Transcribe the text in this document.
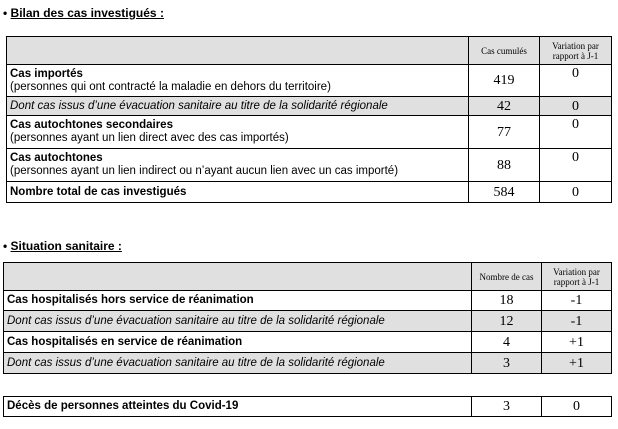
• Bilan des cas investigués :
	Cas cumulés	Variation par rapport à J-1

Cas importés
(personnes qui ont contracté la maladie en dehors du territoire)	419	0
Dont cas issus d’une évacuation sanitaire au titre de la solidarité régionale	42	0

Cas autochtones secondaires
(personnes ayant un lien direct avec des cas importés)	77	0

Cas autochtones
(personnes ayant un lien indirect ou n’ayant aucun lien avec un cas importé)	88	0
Nombre total de cas investigués	584	0
• Situation sanitaire :
	Nombre de cas	Variation par rapport à J-1
Cas hospitalisés hors service de réanimation	18	-1
Dont cas issus d’une évacuation sanitaire au titre de la solidarité régionale	12	-1
Cas hospitalisés en service de réanimation	4	+1
Dont cas issus d’une évacuation sanitaire au titre de la solidarité régionale	3	+1
Décès de personnes atteintes du Covid-19	3	0
